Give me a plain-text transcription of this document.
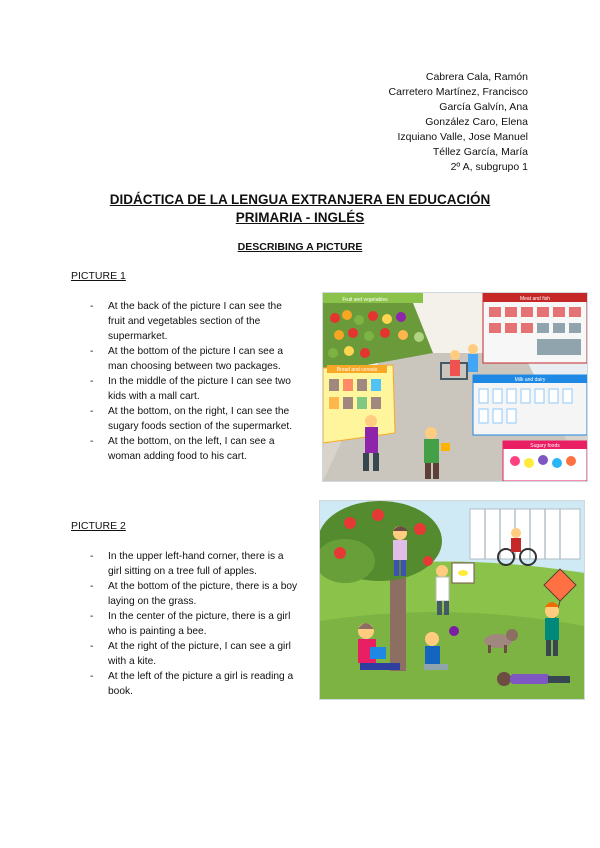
Cabrera Cala, Ramón
Carretero Martínez, Francisco
García Galvín, Ana
González Caro, Elena
Izquiano Valle, Jose Manuel
Téllez García, María
2º A, subgrupo 1
DIDÁCTICA DE LA LENGUA EXTRANJERA EN EDUCACIÓN
PRIMARIA - INGLÉS
DESCRIBING A PICTURE
PICTURE 1
- At the back of the picture I can see the fruit and vegetables section of the supermarket.
- At the bottom of the picture I can see a man choosing between two packages.
- In the middle of the picture I can see two kids with a mall cart.
- At the bottom, on the right, I can see the sugary foods section of the supermarket.
- At the bottom, on the left, I can see a woman adding food to his cart.
Fruit and vegetables	Meat and fish
Bread and cereals
Milk and dairy
Sugary foods
PICTURE 2
- In the upper left-hand corner, there is a girl sitting on a tree full of apples.
- At the bottom of the picture, there is a boy laying on the grass.
- In the center of the picture, there is a girl who is painting a bee.
- At the right of the picture, I can see a girl with a kite.
- At the left of the picture a girl is reading a book.
